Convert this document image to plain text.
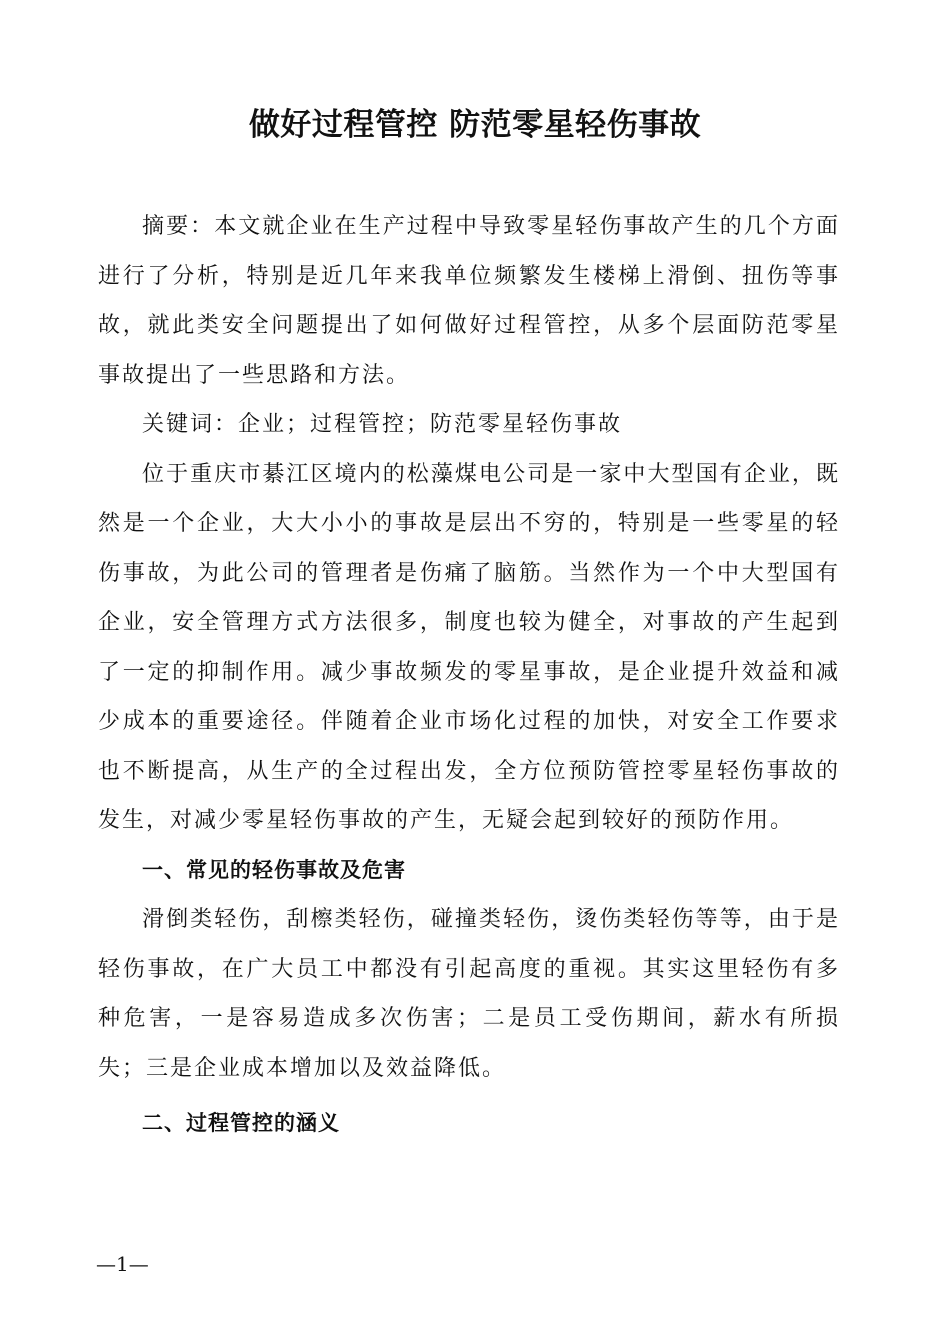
做好过程管控 防范零星轻伤事故

摘要：本文就企业在生产过程中导致零星轻伤事故产生的几个方面进行了分析，特别是近几年来我单位频繁发生楼梯上滑倒、扭伤等事故，就此类安全问题提出了如何做好过程管控，从多个层面防范零星事故提出了一些思路和方法。

关键词：企业；过程管控；防范零星轻伤事故

位于重庆市綦江区境内的松藻煤电公司是一家中大型国有企业，既然是一个企业，大大小小的事故是层出不穷的，特别是一些零星的轻伤事故，为此公司的管理者是伤痛了脑筋。当然作为一个中大型国有企业，安全管理方式方法很多，制度也较为健全，对事故的产生起到了一定的抑制作用。减少事故频发的零星事故，是企业提升效益和减少成本的重要途径。伴随着企业市场化过程的加快，对安全工作要求也不断提高，从生产的全过程出发，全方位预防管控零星轻伤事故的发生，对减少零星轻伤事故的产生，无疑会起到较好的预防作用。

一、常见的轻伤事故及危害

滑倒类轻伤，刮檫类轻伤，碰撞类轻伤，烫伤类轻伤等等，由于是轻伤事故，在广大员工中都没有引起高度的重视。其实这里轻伤有多种危害，一是容易造成多次伤害；二是员工受伤期间，薪水有所损失；三是企业成本增加以及效益降低。

二、过程管控的涵义
—1—
